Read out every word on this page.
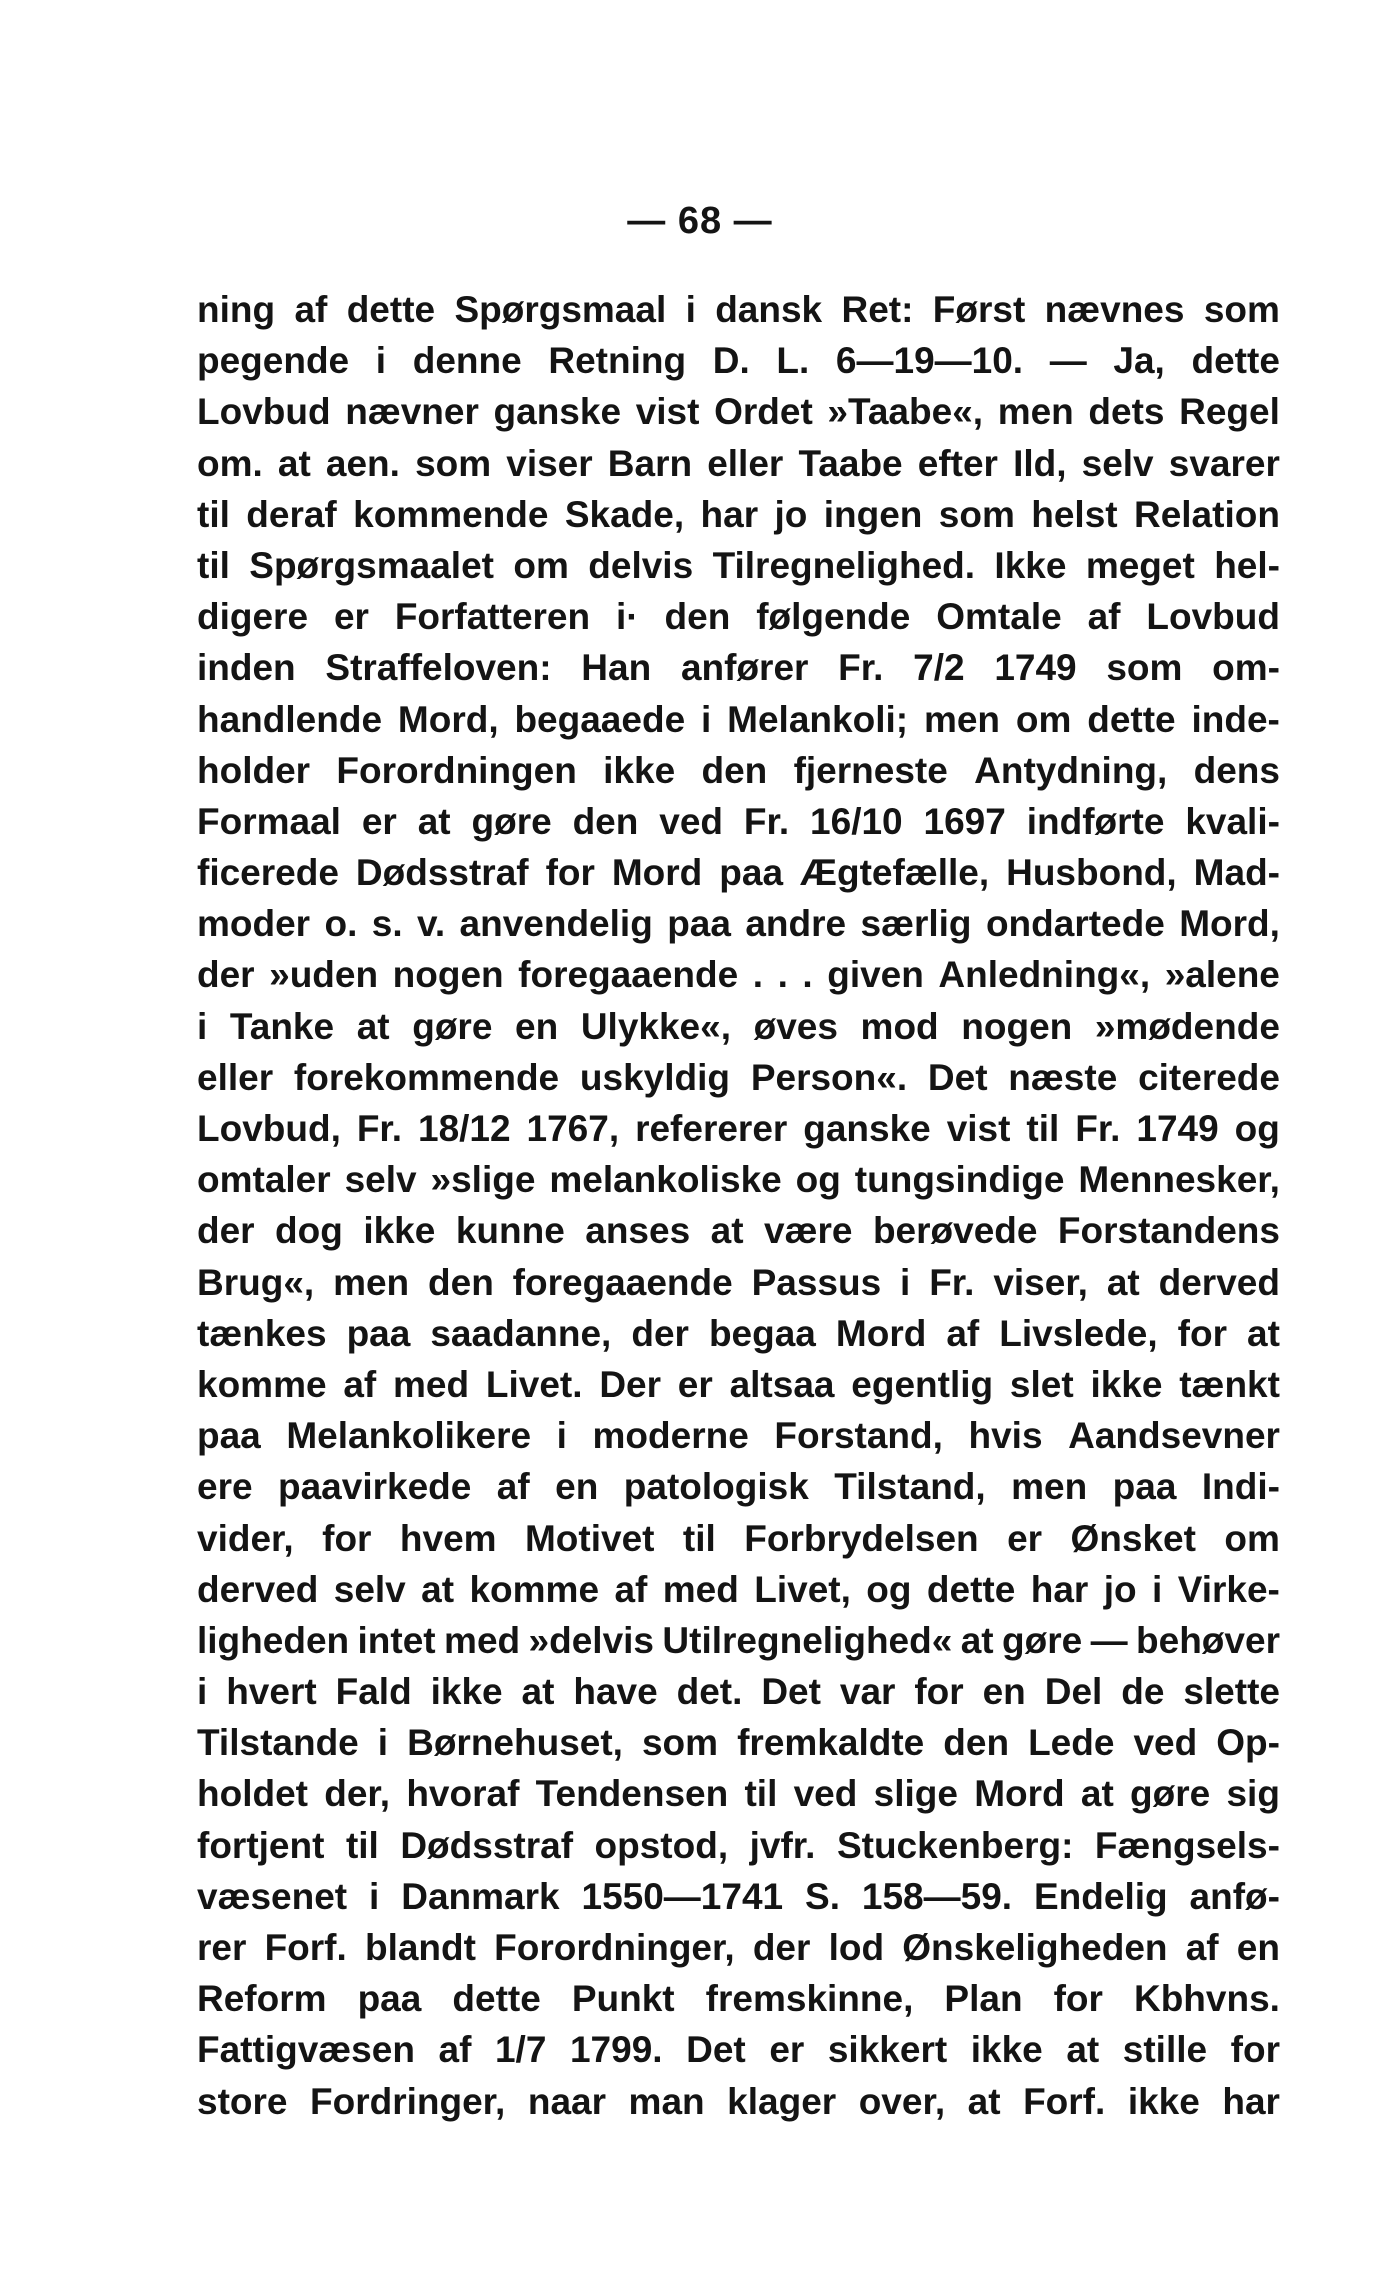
— 68 —
ning af dette Spørgsmaal i dansk Ret: Først nævnes som
pegende i denne Retning D. L. 6—19—10. — Ja, dette
Lovbud nævner ganske vist Ordet »Taabe«, men dets Regel
om. at aen. som viser Barn eller Taabe efter Ild, selv svarer
til deraf kommende Skade, har jo ingen som helst Relation
til Spørgsmaalet om delvis Tilregnelighed. Ikke meget hel-
digere er Forfatteren i· den følgende Omtale af Lovbud
inden Straffeloven: Han anfører Fr. 7/2 1749 som om-
handlende Mord, begaaede i Melankoli; men om dette inde-
holder Forordningen ikke den fjerneste Antydning, dens
Formaal er at gøre den ved Fr. 16/10 1697 indførte kvali-
ficerede Dødsstraf for Mord paa Ægtefælle, Husbond, Mad-
moder o. s. v. anvendelig paa andre særlig ondartede Mord,
der »uden nogen foregaaende . . . given Anledning«, »alene
i Tanke at gøre en Ulykke«, øves mod nogen »mødende
eller forekommende uskyldig Person«. Det næste citerede
Lovbud, Fr. 18/12 1767, refererer ganske vist til Fr. 1749 og
omtaler selv »slige melankoliske og tungsindige Mennesker,
der dog ikke kunne anses at være berøvede Forstandens
Brug«, men den foregaaende Passus i Fr. viser, at derved
tænkes paa saadanne, der begaa Mord af Livslede, for at
komme af med Livet. Der er altsaa egentlig slet ikke tænkt
paa Melankolikere i moderne Forstand, hvis Aandsevner
ere paavirkede af en patologisk Tilstand, men paa Indi-
vider, for hvem Motivet til Forbrydelsen er Ønsket om
derved selv at komme af med Livet, og dette har jo i Virke-
ligheden intet med »delvis Utilregnelighed« at gøre — behøver
i hvert Fald ikke at have det. Det var for en Del de slette
Tilstande i Børnehuset, som fremkaldte den Lede ved Op-
holdet der, hvoraf Tendensen til ved slige Mord at gøre sig
fortjent til Dødsstraf opstod, jvfr. Stuckenberg: Fængsels-
væsenet i Danmark 1550—1741 S. 158—59. Endelig anfø-
rer Forf. blandt Forordninger, der lod Ønskeligheden af en
Reform paa dette Punkt fremskinne, Plan for Kbhvns.
Fattigvæsen af 1/7 1799. Det er sikkert ikke at stille for
store Fordringer, naar man klager over, at Forf. ikke har
